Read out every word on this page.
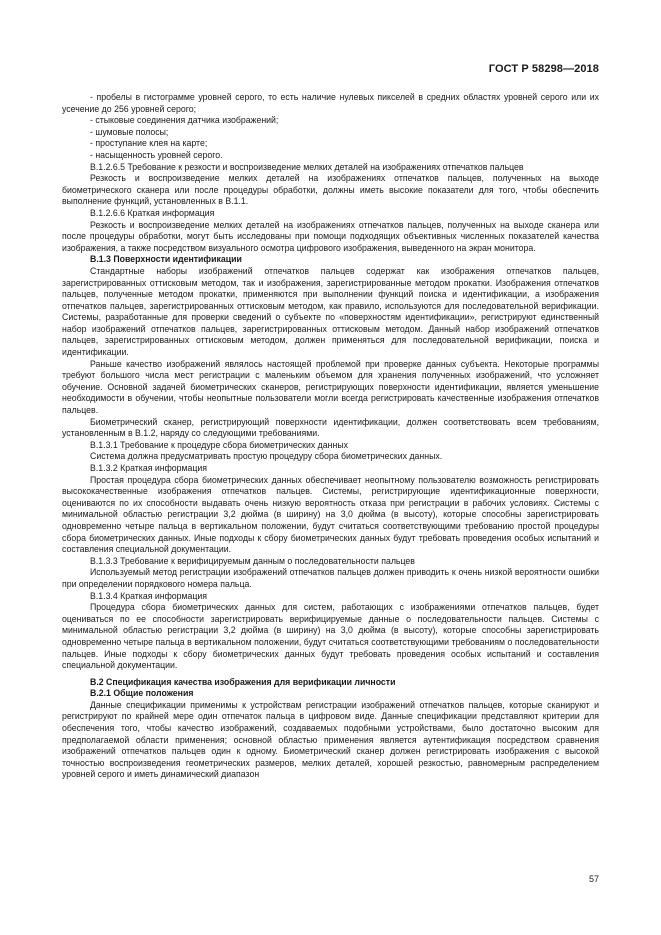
ГОСТ Р 58298—2018

- пробелы в гистограмме уровней серого, то есть наличие нулевых пикселей в средних областях уровней серого или их усечение до 256 уровней серого;

- стыковые соединения датчика изображений;

- шумовые полосы;

- проступание клея на карте;

- насыщенность уровней серого.

В.1.2.6.5 Требование к резкости и воспроизведение мелких деталей на изображениях отпечатков пальцев

Резкость и воспроизведение мелких деталей на изображениях отпечатков пальцев, полученных на выходе биометрического сканера или после процедуры обработки, должны иметь высокие показатели для того, чтобы обеспечить выполнение функций, установленных в В.1.1.

В.1.2.6.6 Краткая информация

Резкость и воспроизведение мелких деталей на изображениях отпечатков пальцев, полученных на выходе сканера или после процедуры обработки, могут быть исследованы при помощи подходящих объективных численных показателей качества изображения, а также посредством визуального осмотра цифрового изображения, выведенного на экран монитора.

В.1.3 Поверхности идентификации

Стандартные наборы изображений отпечатков пальцев содержат как изображения отпечатков пальцев, зарегистрированных оттисковым методом, так и изображения, зарегистрированные методом прокатки. Изображения отпечатков пальцев, полученные методом прокатки, применяются при выполнении функций поиска и идентификации, а изображения отпечатков пальцев, зарегистрированных оттисковым методом, как правило, используются для последовательной верификации. Системы, разработанные для проверки сведений о субъекте по «поверхностям идентификации», регистрируют единственный набор изображений отпечатков пальцев, зарегистрированных оттисковым методом. Данный набор изображений отпечатков пальцев, зарегистрированных оттисковым методом, должен применяться для последовательной верификации, поиска и идентификации.

Раньше качество изображений являлось настоящей проблемой при проверке данных субъекта. Некоторые программы требуют большого числа мест регистрации с маленьким объемом для хранения полученных изображений, что усложняет обучение. Основной задачей биометрических сканеров, регистрирующих поверхности идентификации, является уменьшение необходимости в обучении, чтобы неопытные пользователи могли всегда регистрировать качественные изображения отпечатков пальцев.

Биометрический сканер, регистрирующий поверхности идентификации, должен соответствовать всем требованиям, установленным в В.1.2, наряду со следующими требованиями.

В.1.3.1 Требование к процедуре сбора биометрических данных

Система должна предусматривать простую процедуру сбора биометрических данных.

В.1.3.2 Краткая информация

Простая процедура сбора биометрических данных обеспечивает неопытному пользователю возможность регистрировать высококачественные изображения отпечатков пальцев. Системы, регистрирующие идентификационные поверхности, оцениваются по их способности выдавать очень низкую вероятность отказа при регистрации в рабочих условиях. Системы с минимальной областью регистрации 3,2 дюйма (в ширину) на 3,0 дюйма (в высоту), которые способны зарегистрировать одновременно четыре пальца в вертикальном положении, будут считаться соответствующими требованию простой процедуры сбора биометрических данных. Иные подходы к сбору биометрических данных будут требовать проведения особых испытаний и составления специальной документации.

В.1.3.3 Требование к верифицируемым данным о последовательности пальцев

Используемый метод регистрации изображений отпечатков пальцев должен приводить к очень низкой вероятности ошибки при определении порядкового номера пальца.

В.1.3.4 Краткая информация

Процедура сбора биометрических данных для систем, работающих с изображениями отпечатков пальцев, будет оцениваться по ее способности зарегистрировать верифицируемые данные о последовательности пальцев. Системы с минимальной областью регистрации 3,2 дюйма (в ширину) на 3,0 дюйма (в высоту), которые способны зарегистрировать одновременно четыре пальца в вертикальном положении, будут считаться соответствующими требованиям о последовательности пальцев. Иные подходы к сбору биометрических данных будут требовать проведения особых испытаний и составления специальной документации.

В.2 Спецификация качества изображения для верификации личности

В.2.1 Общие положения

Данные спецификации применимы к устройствам регистрации изображений отпечатков пальцев, которые сканируют и регистрируют по крайней мере один отпечаток пальца в цифровом виде. Данные спецификации представляют критерии для обеспечения того, чтобы качество изображений, создаваемых подобными устройствами, было достаточно высоким для предполагаемой области применения; основной областью применения является аутентификация посредством сравнения изображений отпечатков пальцев один к одному. Биометрический сканер должен регистрировать изображения с высокой точностью воспроизведения геометрических размеров, мелких деталей, хорошей резкостью, равномерным распределением уровней серого и иметь динамический диапазон

57
